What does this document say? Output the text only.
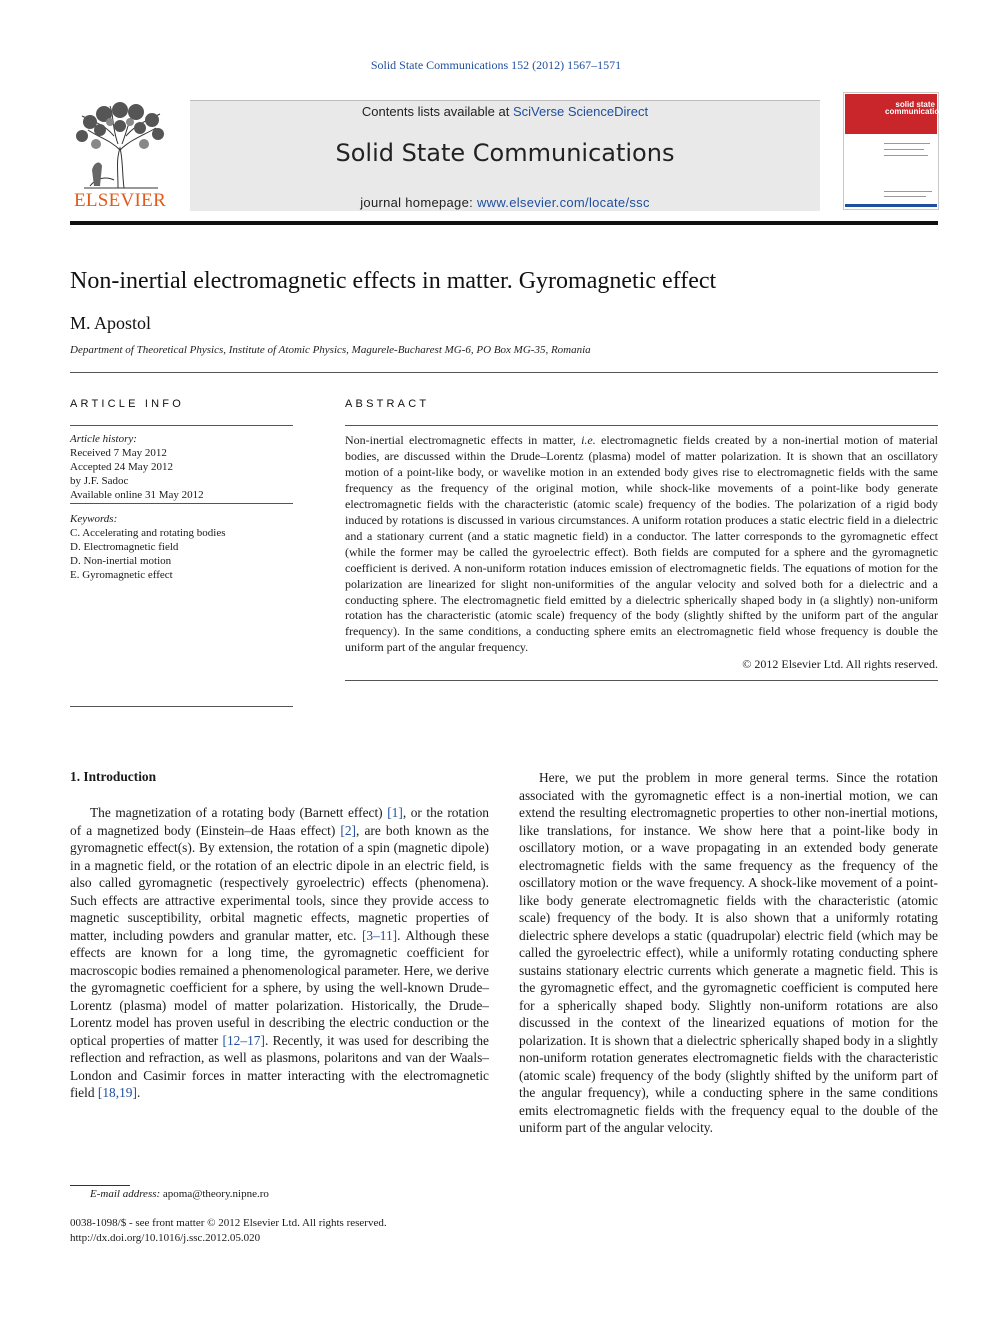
Solid State Communications 152 (2012) 1567–1571
ELSEVIER
Contents lists available at SciVerse ScienceDirect
Solid State Communications
journal homepage: www.elsevier.com/locate/ssc
solid state communications
Non-inertial electromagnetic effects in matter. Gyromagnetic effect
M. Apostol
Department of Theoretical Physics, Institute of Atomic Physics, Magurele-Bucharest MG-6, PO Box MG-35, Romania
ARTICLE INFO	ABSTRACT
Article history:
Received 7 May 2012
Accepted 24 May 2012
by J.F. Sadoc
Available online 31 May 2012
Keywords:
C. Accelerating and rotating bodies
D. Electromagnetic field
D. Non-inertial motion
E. Gyromagnetic effect

Non-inertial electromagnetic effects in matter, i.e. electromagnetic fields created by a non-inertial motion of material bodies, are discussed within the Drude–Lorentz (plasma) model of matter polarization. It is shown that an oscillatory motion of a point-like body, or wavelike motion in an extended body gives rise to electromagnetic fields with the same frequency as the frequency of the original motion, while shock-like movements of a point-like body generate electromagnetic fields with the characteristic (atomic scale) frequency of the bodies. The polarization of a rigid body induced by rotations is discussed in various circumstances. A uniform rotation produces a static electric field in a dielectric and a stationary current (and a static magnetic field) in a conductor. The latter corresponds to the gyromagnetic effect (while the former may be called the gyroelectric effect). Both fields are computed for a sphere and the gyromagnetic coefficient is derived. A non-uniform rotation induces emission of electromagnetic fields. The equations of motion for the polarization are linearized for slight non-uniformities of the angular velocity and solved both for a dielectric and a conducting sphere. The electromagnetic field emitted by a dielectric spherically shaped body in (a slightly) non-uniform rotation has the characteristic (atomic scale) frequency of the body (slightly shifted by the uniform part of the angular frequency). In the same conditions, a conducting sphere emits an electromagnetic field whose frequency is double the uniform part of the angular frequency.

© 2012 Elsevier Ltd. All rights reserved.
1. Introduction

The magnetization of a rotating body (Barnett effect) [1], or the rotation of a magnetized body (Einstein–de Haas effect) [2], are both known as the gyromagnetic effect(s). By extension, the rotation of a spin (magnetic dipole) in a magnetic field, or the rotation of an electric dipole in an electric field, is also called gyromagnetic (respectively gyroelectric) effects (phenomena). Such effects are attractive experimental tools, since they provide access to magnetic susceptibility, orbital magnetic effects, magnetic properties of matter, including powders and granular matter, etc. [3–11]. Although these effects are known for a long time, the gyromagnetic coefficient for macroscopic bodies remained a phenomenological parameter. Here, we derive the gyromagnetic coefficient for a sphere, by using the well-known Drude–Lorentz (plasma) model of matter polarization. Historically, the Drude–Lorentz model has proven useful in describing the electric conduction or the optical properties of matter [12–17]. Recently, it was used for describing the reflection and refraction, as well as plasmons, polaritons and van der Waals–London and Casimir forces in matter interacting with the electromagnetic field [18,19].

Here, we put the problem in more general terms. Since the rotation associated with the gyromagnetic effect is a non-inertial motion, we can extend the resulting electromagnetic properties to other non-inertial motions, like translations, for instance. We show here that a point-like body in oscillatory motion, or a wave propagating in an extended body generate electromagnetic fields with the same frequency as the frequency of the oscillatory motion or the wave frequency. A shock-like movement of a point-like body generate electromagnetic fields with the characteristic (atomic scale) frequency of the body. It is also shown that a uniformly rotating dielectric sphere develops a static (quadrupolar) electric field (which may be called the gyroelectric effect), while a uniformly rotating conducting sphere sustains stationary electric currents which generate a magnetic field. This is the gyromagnetic effect, and the gyromagnetic coefficient is computed here for a spherically shaped body. Slightly non-uniform rotations are also discussed in the context of the linearized equations of motion for the polarization. It is shown that a dielectric spherically shaped body in a slightly non-uniform rotation generates electromagnetic fields with the characteristic (atomic scale) frequency of the body (slightly shifted by the uniform part of the angular frequency), while a conducting sphere in the same conditions emits electromagnetic fields with the frequency equal to the double of the uniform part of the angular velocity.

E-mail address: apoma@theory.nipne.ro
0038-1098/$ - see front matter © 2012 Elsevier Ltd. All rights reserved.
http://dx.doi.org/10.1016/j.ssc.2012.05.020
